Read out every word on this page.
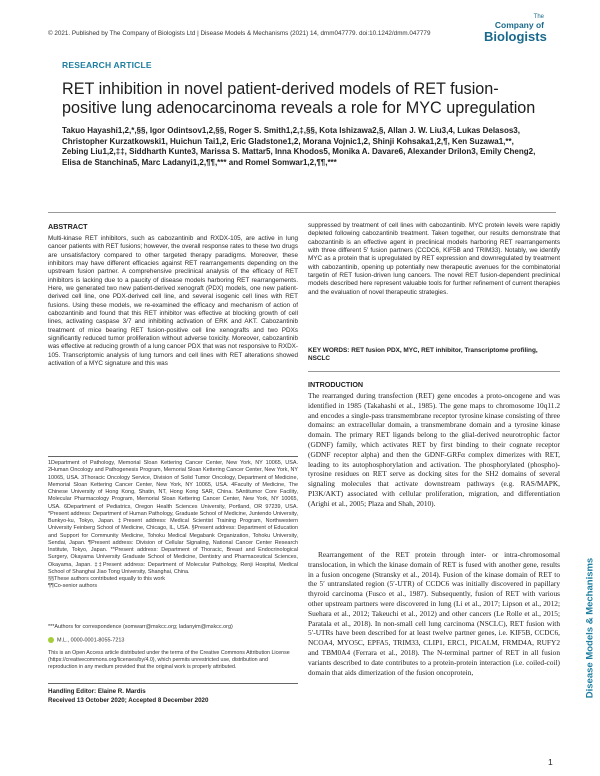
© 2021. Published by The Company of Biologists Ltd | Disease Models & Mechanisms (2021) 14, dmm047779. doi:10.1242/dmm.047779
The
Company of
Biologists
RESEARCH ARTICLE
RET inhibition in novel patient-derived models of RET fusion-positive lung adenocarcinoma reveals a role for MYC upregulation
Takuo Hayashi1,2,*,§§, Igor Odintsov1,2,§§, Roger S. Smith1,2,‡,§§, Kota Ishizawa2,§, Allan J. W. Liu3,4, Lukas Delasos3, Christopher Kurzatkowski1, Huichun Tai1,2, Eric Gladstone1,2, Morana Vojnic1,2, Shinji Kohsaka1,2,¶, Ken Suzawa1,**, Zebing Liu1,2,‡‡, Siddharth Kunte3, Marissa S. Mattar5, Inna Khodos5, Monika A. Davare6, Alexander Drilon3, Emily Cheng2, Elisa de Stanchina5, Marc Ladanyi1,2,¶¶,*** and Romel Somwar1,2,¶¶,***
ABSTRACT
Multi-kinase RET inhibitors, such as cabozantinib and RXDX-105, are active in lung cancer patients with RET fusions; however, the overall response rates to these two drugs are unsatisfactory compared to other targeted therapy paradigms. Moreover, these inhibitors may have different efficacies against RET rearrangements depending on the upstream fusion partner. A comprehensive preclinical analysis of the efficacy of RET inhibitors is lacking due to a paucity of disease models harboring RET rearrangements. Here, we generated two new patient-derived xenograft (PDX) models, one new patient-derived cell line, one PDX-derived cell line, and several isogenic cell lines with RET fusions. Using these models, we re-examined the efficacy and mechanism of action of cabozantinib and found that this RET inhibitor was effective at blocking growth of cell lines, activating caspase 3/7 and inhibiting activation of ERK and AKT. Cabozantinib treatment of mice bearing RET fusion-positive cell line xenografts and two PDXs significantly reduced tumor proliferation without adverse toxicity. Moreover, cabozantinib was effective at reducing growth of a lung cancer PDX that was not responsive to RXDX-105. Transcriptomic analysis of lung tumors and cell lines with RET alterations showed activation of a MYC signature and this was
1Department of Pathology, Memorial Sloan Kettering Cancer Center, New York, NY 10065, USA. 2Human Oncology and Pathogenesis Program, Memorial Sloan Kettering Cancer Center, New York, NY 10065, USA. 3Thoracic Oncology Service, Division of Solid Tumor Oncology, Department of Medicine, Memorial Sloan Kettering Cancer Center, New York, NY 10065, USA. 4Faculty of Medicine, The Chinese University of Hong Kong, Shatin, NT, Hong Kong SAR, China. 5Antitumor Core Facility, Molecular Pharmacology Program, Memorial Sloan Kettering Cancer Center, New York, NY 10065, USA. 6Department of Pediatrics, Oregon Health Sciences University, Portland, OR 97239, USA. *Present address: Department of Human Pathology, Graduate School of Medicine, Juntendo University, Bunkyo-ku, Tokyo, Japan. ‡Present address: Medical Scientist Training Program, Northwestern University Feinberg School of Medicine, Chicago, IL, USA. §Present address: Department of Education and Support for Community Medicine, Tohoku Medical Megabank Organization, Tohoku University, Sendai, Japan. ¶Present address: Division of Cellular Signaling, National Cancer Center Research Institute, Tokyo, Japan. **Present address: Department of Thoracic, Breast and Endocrinological Surgery, Okayama University Graduate School of Medicine, Dentistry and Pharmaceutical Sciences, Okayama, Japan. ‡‡Present address: Department of Molecular Pathology, Renji Hospital, Medical School of Shanghai Jiao Tong University, Shanghai, China.
§§These authors contributed equally to this work
¶¶Co-senior authors
***Authors for correspondence (somwarr@mskcc.org; ladanyim@mskcc.org)
M.L., 0000-0001-8055-7213
This is an Open Access article distributed under the terms of the Creative Commons Attribution License (https://creativecommons.org/licenses/by/4.0), which permits unrestricted use, distribution and reproduction in any medium provided that the original work is properly attributed.
Handling Editor: Elaine R. Mardis
Received 13 October 2020; Accepted 8 December 2020
suppressed by treatment of cell lines with cabozantinib. MYC protein levels were rapidly depleted following cabozantinib treatment. Taken together, our results demonstrate that cabozantinib is an effective agent in preclinical models harboring RET rearrangements with three different 5′ fusion partners (CCDC6, KIF5B and TRIM33). Notably, we identify MYC as a protein that is upregulated by RET expression and downregulated by treatment with cabozantinib, opening up potentially new therapeutic avenues for the combinatorial targetin of RET fusion-driven lung cancers. The novel RET fusion-dependent preclinical models described here represent valuable tools for further refinement of current therapies and the evaluation of novel therapeutic strategies.
KEY WORDS: RET fusion PDX, MYC, RET inhibitor, Transcriptome profiling, NSCLC
INTRODUCTION
The rearranged during transfection (RET) gene encodes a proto-oncogene and was identified in 1985 (Takahashi et al., 1985). The gene maps to chromosome 10q11.2 and encodes a single-pass transmembrane receptor tyrosine kinase consisting of three domains: an extracellular domain, a transmembrane domain and a tyrosine kinase domain. The primary RET ligands belong to the glial-derived neurotrophic factor (GDNF) family, which activates RET by first binding to their cognate receptor (GDNF receptor alpha) and then the GDNF-GRFα complex dimerizes with RET, leading to its autophosphorylation and activation. The phosphorylated (phospho)-tyrosine residues on RET serve as docking sites for the SH2 domains of several signaling molecules that activate downstream pathways (e.g. RAS/MAPK, PI3K/AKT) associated with cellular proliferation, migration, and differentiation (Arighi et al., 2005; Plaza and Shah, 2010).
Rearrangement of the RET protein through inter- or intra-chromosomal translocation, in which the kinase domain of RET is fused with another gene, results in a fusion oncogene (Stransky et al., 2014). Fusion of the kinase domain of RET to the 5′ untranslated region (5′-UTR) of CCDC6 was initially discovered in papillary thyroid carcinoma (Fusco et al., 1987). Subsequently, fusion of RET with various other upstream partners were discovered in lung (Li et al., 2017; Lipson et al., 2012; Suehara et al., 2012; Takeuchi et al., 2012) and other cancers (Le Rolle et al., 2015; Paratala et al., 2018). In non-small cell lung carcinoma (NSCLC), RET fusion with 5′-UTRs have been described for at least twelve partner genes, i.e. KIF5B, CCDC6, NCOA4, MYO5C, EPFA5, TRIM33, CLIP1, ERC1, PICALM, FRMD4A, RUFY2 and TBM0A4 (Ferrara et al., 2018). The N-terminal partner of RET in all fusion variants described to date contributes to a protein-protein interaction (i.e. coiled-coil) domain that aids dimerization of the fusion oncoprotein,	Disease Models & Mechanisms
1
